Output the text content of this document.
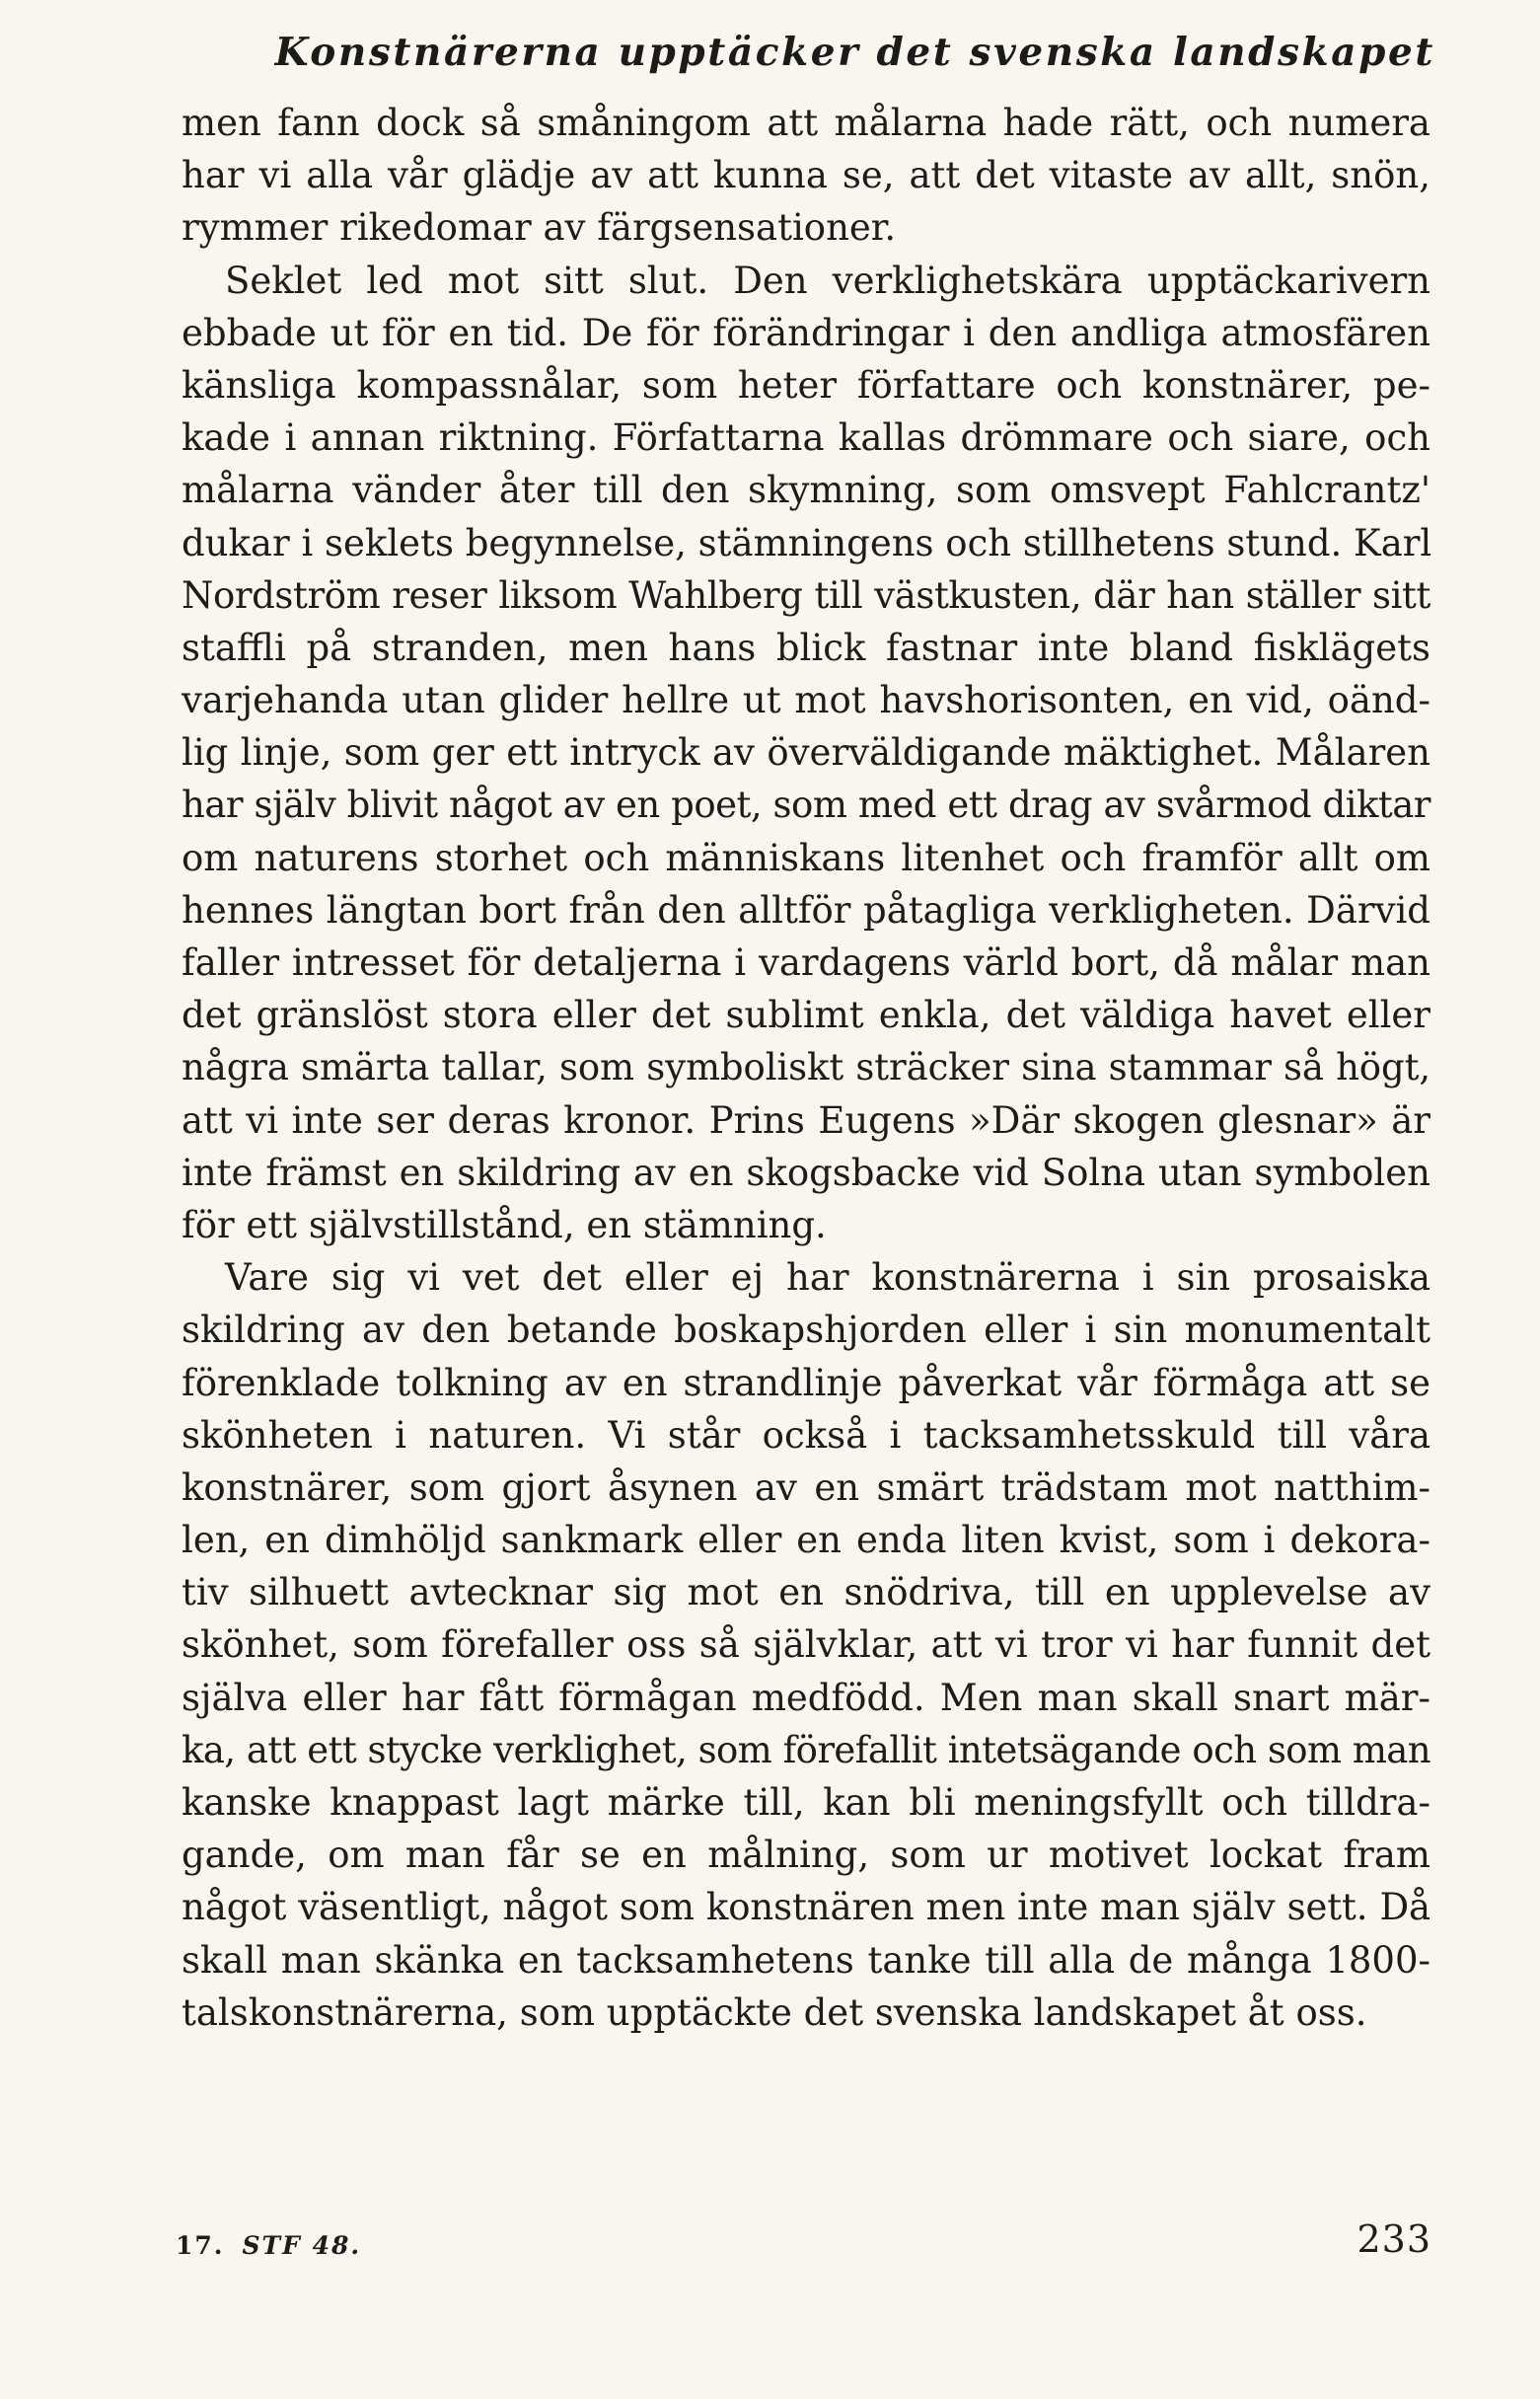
Konstnärerna upptäcker det svenska landskapet
men fann dock så småningom att målarna hade rätt, och numera
har vi alla vår glädje av att kunna se, att det vitaste av allt, snön,
rymmer rikedomar av färgsensationer.
Seklet led mot sitt slut. Den verklighetskära upptäckarivern
ebbade ut för en tid. De för förändringar i den andliga atmosfären
känsliga kompassnålar, som heter författare och konstnärer, pe-
kade i annan riktning. Författarna kallas drömmare och siare, och
målarna vänder åter till den skymning, som omsvept Fahlcrantz'
dukar i seklets begynnelse, stämningens och stillhetens stund. Karl
Nordström reser liksom Wahlberg till västkusten, där han ställer sitt
staffli på stranden, men hans blick fastnar inte bland fisklägets
varjehanda utan glider hellre ut mot havshorisonten, en vid, oänd-
lig linje, som ger ett intryck av överväldigande mäktighet. Målaren
har själv blivit något av en poet, som med ett drag av svårmod diktar
om naturens storhet och människans litenhet och framför allt om
hennes längtan bort från den alltför påtagliga verkligheten. Därvid
faller intresset för detaljerna i vardagens värld bort, då målar man
det gränslöst stora eller det sublimt enkla, det väldiga havet eller
några smärta tallar, som symboliskt sträcker sina stammar så högt,
att vi inte ser deras kronor. Prins Eugens »Där skogen glesnar» är
inte främst en skildring av en skogsbacke vid Solna utan symbolen
för ett självstillstånd, en stämning.
Vare sig vi vet det eller ej har konstnärerna i sin prosaiska
skildring av den betande boskapshjorden eller i sin monumentalt
förenklade tolkning av en strandlinje påverkat vår förmåga att se
skönheten i naturen. Vi står också i tacksamhetsskuld till våra
konstnärer, som gjort åsynen av en smärt trädstam mot natthim-
len, en dimhöljd sankmark eller en enda liten kvist, som i dekora-
tiv silhuett avtecknar sig mot en snödriva, till en upplevelse av
skönhet, som förefaller oss så självklar, att vi tror vi har funnit det
själva eller har fått förmågan medfödd. Men man skall snart mär-
ka, att ett stycke verklighet, som förefallit intetsägande och som man
kanske knappast lagt märke till, kan bli meningsfyllt och tilldra-
gande, om man får se en målning, som ur motivet lockat fram
något väsentligt, något som konstnären men inte man själv sett. Då
skall man skänka en tacksamhetens tanke till alla de många 1800-
talskonstnärerna, som upptäckte det svenska landskapet åt oss.
17. STF 48.	233
